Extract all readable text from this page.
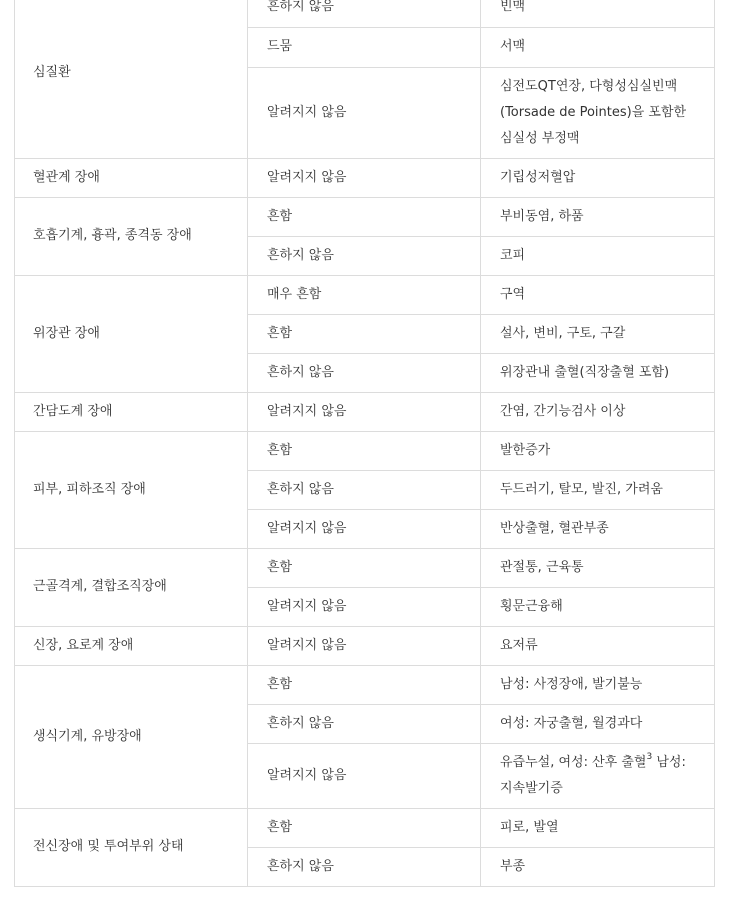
심질환	흔하지 않음	빈맥
	드뭄	서맥
	알려지지 않음	심전도QT연장, 다형성심실빈맥(Torsade de Pointes)을 포함한 심실성 부정맥
혈관계 장애	알려지지 않음	기립성저혈압
호흡기계, 흉곽, 종격동 장애	흔함	부비동염, 하품
	흔하지 않음	코피
위장관 장애	매우 흔함	구역
	흔함	설사, 변비, 구토, 구갈
	흔하지 않음	위장관내 출혈(직장출혈 포함)
간담도계 장애	알려지지 않음	간염, 간기능검사 이상
피부, 피하조직 장애	흔함	발한증가
	흔하지 않음	두드러기, 탈모, 발진, 가려움
	알려지지 않음	반상출혈, 혈관부종
근골격계, 결합조직장애	흔함	관절통, 근육통
	알려지지 않음	횡문근융해
신장, 요로계 장애	알려지지 않음	요저류
생식기계, 유방장애	흔함	남성: 사정장애, 발기불능
	흔하지 않음	여성: 자궁출혈, 월경과다
	알려지지 않음	유즙누설, 여성: 산후 출혈$^3$ 남성: 지속발기증
전신장애 및 투여부위 상태	흔함	피로, 발열
	흔하지 않음	부종
